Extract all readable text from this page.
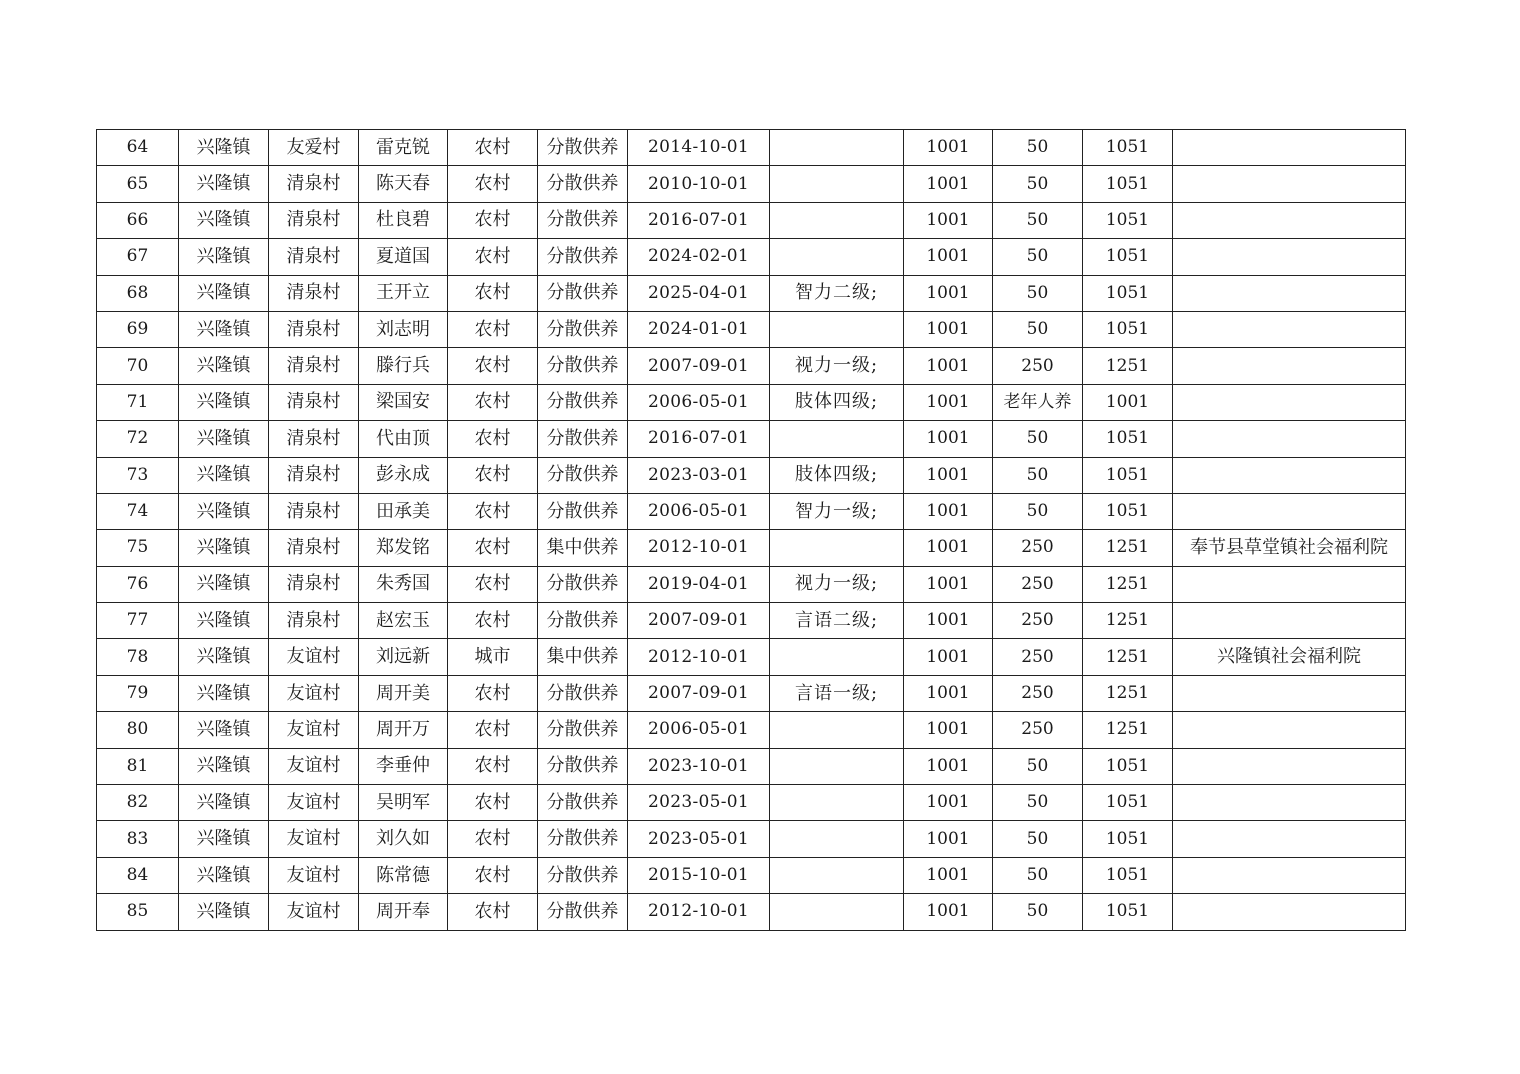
64	兴隆镇	友爱村	雷克锐	农村	分散供养	2014-10-01		1001	50	1051	
65	兴隆镇	清泉村	陈天春	农村	分散供养	2010-10-01		1001	50	1051	
66	兴隆镇	清泉村	杜良碧	农村	分散供养	2016-07-01		1001	50	1051	
67	兴隆镇	清泉村	夏道国	农村	分散供养	2024-02-01		1001	50	1051	
68	兴隆镇	清泉村	王开立	农村	分散供养	2025-04-01	智力二级;	1001	50	1051	
69	兴隆镇	清泉村	刘志明	农村	分散供养	2024-01-01		1001	50	1051	
70	兴隆镇	清泉村	滕行兵	农村	分散供养	2007-09-01	视力一级;	1001	250	1251	
71	兴隆镇	清泉村	梁国安	农村	分散供养	2006-05-01	肢体四级;	1001	老年人养	1001	
72	兴隆镇	清泉村	代由顶	农村	分散供养	2016-07-01		1001	50	1051	
73	兴隆镇	清泉村	彭永成	农村	分散供养	2023-03-01	肢体四级;	1001	50	1051	
74	兴隆镇	清泉村	田承美	农村	分散供养	2006-05-01	智力一级;	1001	50	1051	
75	兴隆镇	清泉村	郑发铭	农村	集中供养	2012-10-01		1001	250	1251	奉节县草堂镇社会福利院
76	兴隆镇	清泉村	朱秀国	农村	分散供养	2019-04-01	视力一级;	1001	250	1251	
77	兴隆镇	清泉村	赵宏玉	农村	分散供养	2007-09-01	言语二级;	1001	250	1251	
78	兴隆镇	友谊村	刘远新	城市	集中供养	2012-10-01		1001	250	1251	兴隆镇社会福利院
79	兴隆镇	友谊村	周开美	农村	分散供养	2007-09-01	言语一级;	1001	250	1251	
80	兴隆镇	友谊村	周开万	农村	分散供养	2006-05-01		1001	250	1251	
81	兴隆镇	友谊村	李垂仲	农村	分散供养	2023-10-01		1001	50	1051	
82	兴隆镇	友谊村	吴明军	农村	分散供养	2023-05-01		1001	50	1051	
83	兴隆镇	友谊村	刘久如	农村	分散供养	2023-05-01		1001	50	1051	
84	兴隆镇	友谊村	陈常德	农村	分散供养	2015-10-01		1001	50	1051	
85	兴隆镇	友谊村	周开奉	农村	分散供养	2012-10-01		1001	50	1051	
